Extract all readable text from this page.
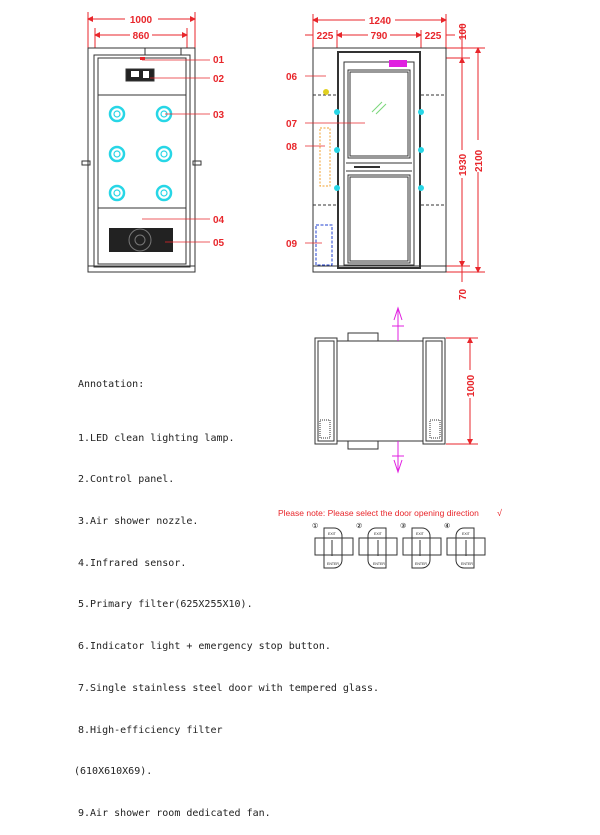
1000
860
01
02
03
04
05
1240
225	790	225 100
1930 2100
70
06
07
08
09
1000
①
EXIT
ENTER
②
EXIT
ENTER
③
EXIT
ENTER
④
EXIT
ENTER

Annotation:

1.LED clean lighting lamp.

2.Control panel.

3.Air shower nozzle.

4.Infrared sensor.

5.Primary filter(625X255X10).

6.Indicator light + emergency stop button.

7.Single stainless steel door with tempered glass.

8.High-efficiency filter

(610X610X69).

9.Air shower room dedicated fan.

Please note: Please select the door opening direction √
